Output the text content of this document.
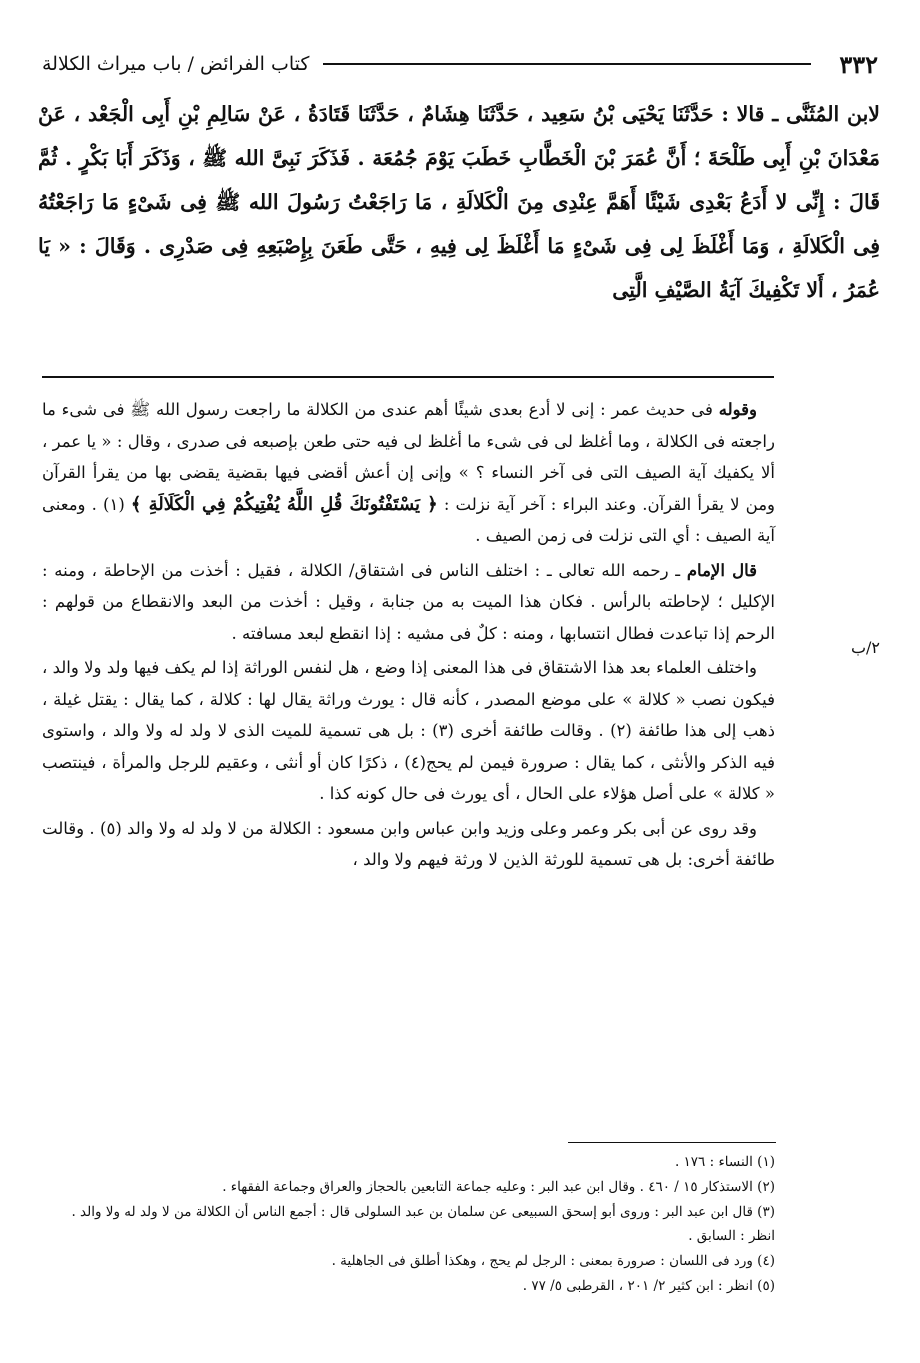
٣٣٢
كتاب الفرائض / باب ميراث الكلالة

لابن المُثَنَّى ـ قالا : حَدَّثَنَا يَحْيَى بْنُ سَعِيد ، حَدَّثَنَا هِشَامٌ ، حَدَّثَنَا قَتَادَةُ ، عَنْ سَالِمِ بْنِ أَبِى الْجَعْد ، عَنْ مَعْدَانَ بْنِ أَبِى طَلْحَةَ ؛ أَنَّ عُمَرَ بْنَ الْخَطَّابِ خَطَبَ يَوْمَ جُمُعَة . فَذَكَرَ نَبِىَّ الله ﷺ ، وَذَكَرَ أَبَا بَكْرٍ . ثُمَّ قَالَ : إِنِّى لا أَدَعُ بَعْدِى شَيْئًا أَهَمَّ عِنْدِى مِنَ الْكَلالَةِ ، مَا رَاجَعْتُ رَسُولَ الله ﷺ فِى شَىْءٍ مَا رَاجَعْتُهُ فِى الْكَلالَةِ ، وَمَا أَغْلَظَ لِى فِى شَىْءٍ مَا أَغْلَظَ لِى فِيهِ ، حَتَّى طَعَنَ بِإِصْبَعِهِ فِى صَدْرِى . وَقَالَ : « يَا عُمَرُ ، أَلا تَكْفِيكَ آيَةُ الصَّيْفِ الَّتِى

٢/ب

وقوله فى حديث عمر : إنى لا أدع بعدى شيئًا أهم عندى من الكلالة ما راجعت رسول الله ﷺ فى شىء ما راجعته فى الكلالة ، وما أغلظ لى فى شىء ما أغلظ لى فيه حتى طعن بإصبعه فى صدرى ، وقال : « يا عمر ، ألا يكفيك آية الصيف التى فى آخر النساء ؟ » وإنى إن أعش أقضى فيها بقضية يقضى بها من يقرأ القرآن ومن لا يقرأ القرآن. وعند البراء : آخر آية نزلت : ﴿ يَسْتَفْتُونَكَ قُلِ اللَّهُ يُفْتِيكُمْ فِي الْكَلَالَةِ ﴾ (١) . ومعنى آية الصيف : أي التى نزلت فى زمن الصيف .

قال الإمام ـ رحمه الله تعالى ـ : اختلف الناس فى اشتقاق/ الكلالة ، فقيل : أخذت من الإحاطة ، ومنه : الإكليل ؛ لإحاطته بالرأس . فكان هذا الميت به من جنابة ، وقيل : أخذت من البعد والانقطاع من قولهم : الرحم إذا تباعدت فطال انتسابها ، ومنه : كلٌ فى مشيه : إذا انقطع لبعد مسافته .

واختلف العلماء بعد هذا الاشتقاق فى هذا المعنى إذا وضع ، هل لنفس الوراثة إذا لم يكف فيها ولد ولا والد ، فيكون نصب « كلالة » على موضع المصدر ، كأنه قال : يورث وراثة يقال لها : كلالة ، كما يقال : يقتل غيلة ، ذهب إلى هذا طائفة (٢) . وقالت طائفة أخرى (٣) : بل هى تسمية للميت الذى لا ولد له ولا والد ، واستوى فيه الذكر والأنثى ، كما يقال : صرورة فيمن لم يحج(٤) ، ذكرًا كان أو أنثى ، وعقيم للرجل والمرأة ، فينتصب « كلالة » على أصل هؤلاء على الحال ، أى يورث فى حال كونه كذا .

وقد روى عن أبى بكر وعمر وعلى وزيد وابن عباس وابن مسعود : الكلالة من لا ولد له ولا والد (٥) . وقالت طائفة أخرى: بل هى تسمية للورثة الذين لا ورثة فيهم ولا والد ،

(١) النساء : ١٧٦ .

(٢) الاستذكار ١٥ / ٤٦٠ . وقال ابن عبد البر : وعليه جماعة التابعين بالحجاز والعراق وجماعة الفقهاء .

(٣) قال ابن عبد البر : وروى أبو إسحق السبيعى عن سلمان بن عبد السلولى قال : أجمع الناس أن الكلالة من لا ولد له ولا والد . انظر : السابق .

(٤) ورد فى اللسان : صرورة بمعنى : الرجل لم يحج ، وهكذا أطلق فى الجاهلية .

(٥) انظر : ابن كثير ٢/ ٢٠١ ، القرطبى ٥/ ٧٧ .
